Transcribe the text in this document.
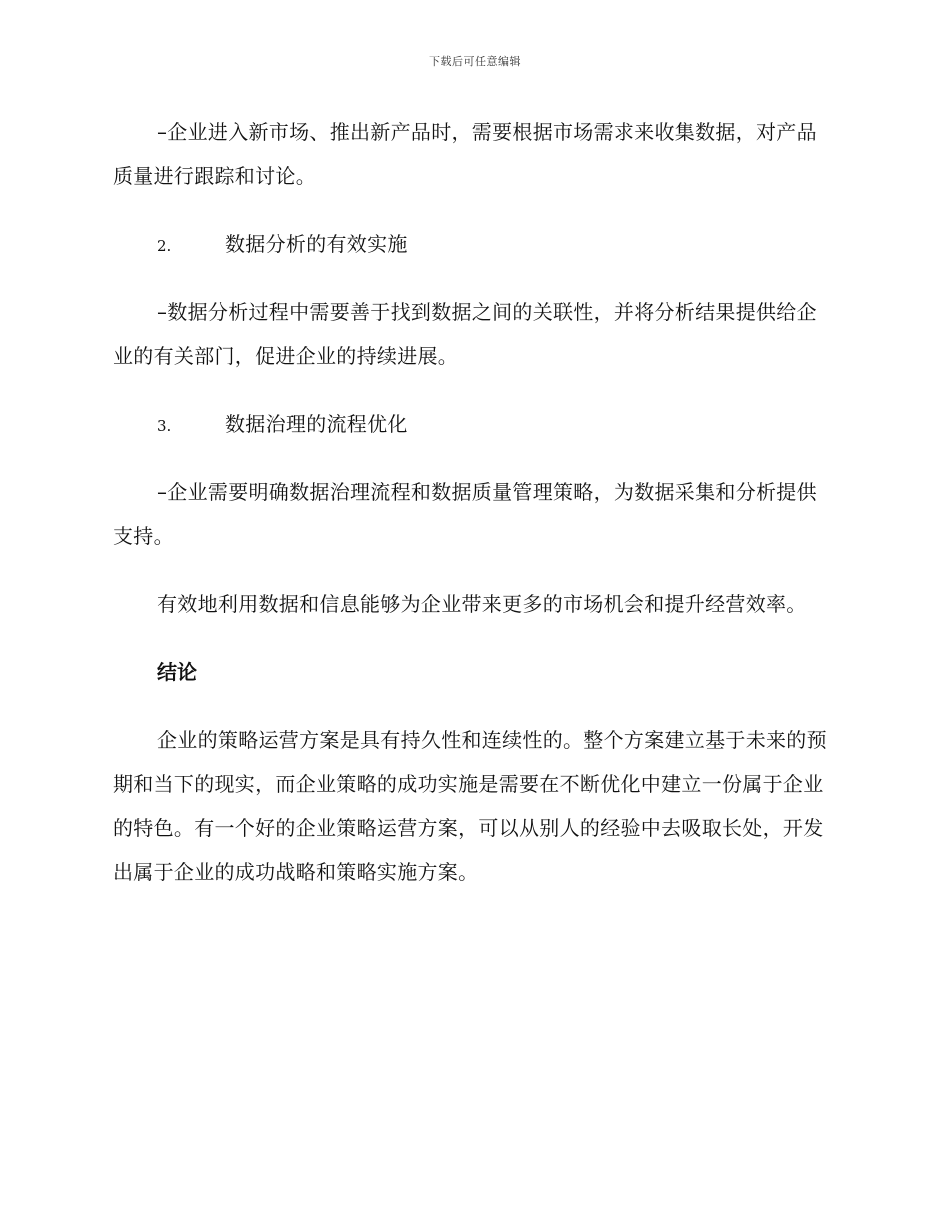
下载后可任意编辑

–企业进入新市场、推出新产品时，需要根据市场需求来收集数据，对产品质量进行跟踪和讨论。

2.	数据分析的有效实施

–数据分析过程中需要善于找到数据之间的关联性，并将分析结果提供给企业的有关部门，促进企业的持续进展。

3.	数据治理的流程优化

–企业需要明确数据治理流程和数据质量管理策略，为数据采集和分析提供支持。

有效地利用数据和信息能够为企业带来更多的市场机会和提升经营效率。

结论

企业的策略运营方案是具有持久性和连续性的。整个方案建立基于未来的预期和当下的现实，而企业策略的成功实施是需要在不断优化中建立一份属于企业的特色。有一个好的企业策略运营方案，可以从别人的经验中去吸取长处，开发出属于企业的成功战略和策略实施方案。
